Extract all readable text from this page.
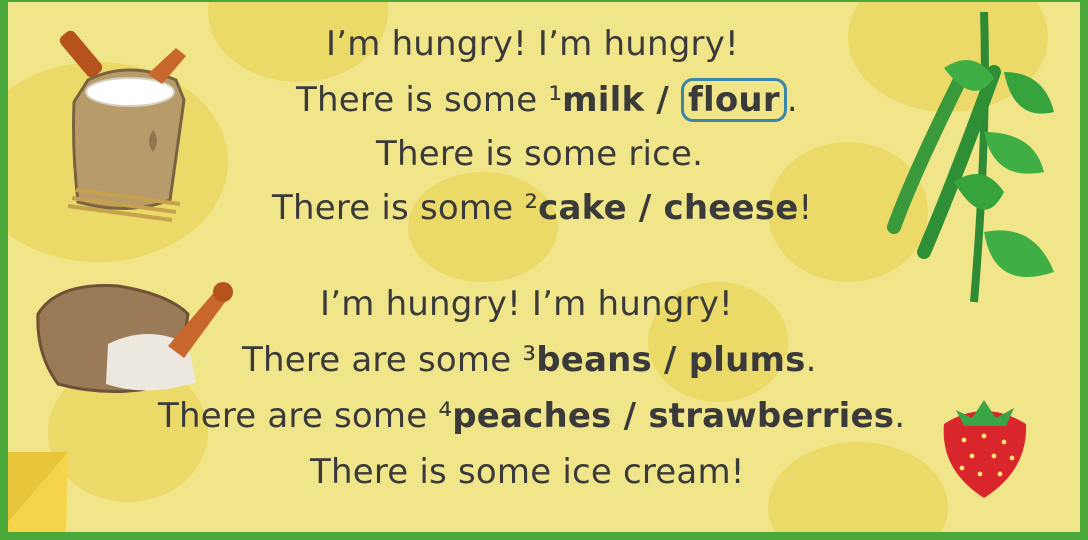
I’m hungry! I’m hungry!
There is some ¹milk / flour .
There is some rice.
There is some ²cake / cheese!
I’m hungry! I’m hungry!
There are some ³beans / plums.
There are some ⁴peaches / strawberries.
There is some ice cream!
